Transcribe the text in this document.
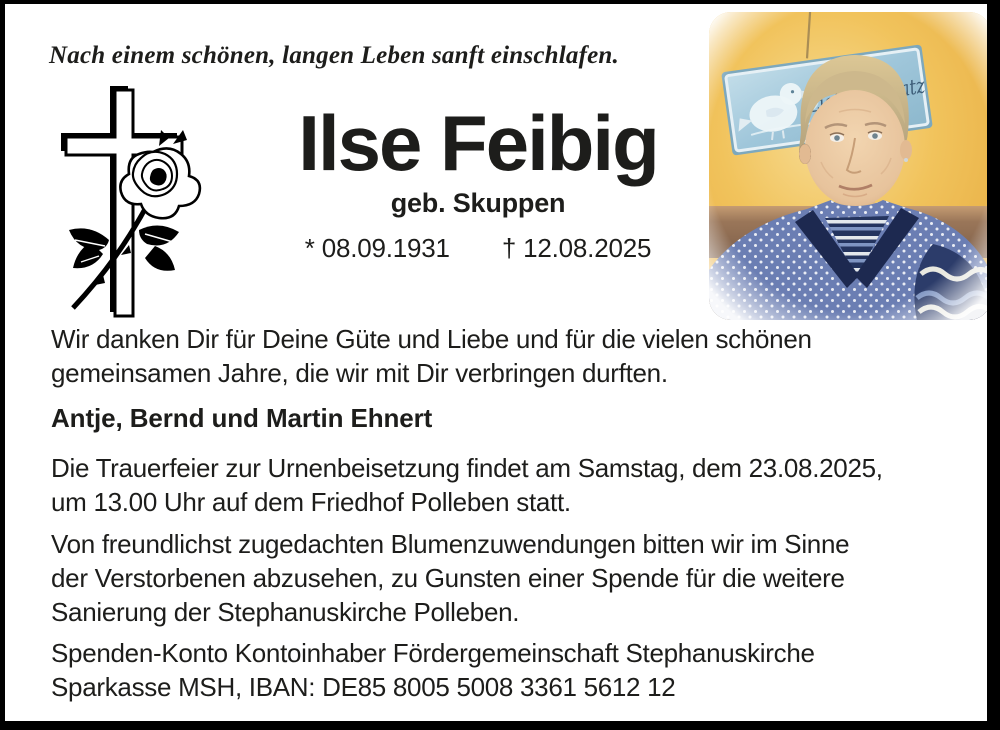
Nach einem schönen, langen Leben sanft einschlafen.
Ilse Feibig
geb. Skuppen
* 08.09.1931 † 12.08.2025
Wir danken Dir für Deine Güte und Liebe und für die vielen schönen
gemeinsamen Jahre, die wir mit Dir verbringen durften.
Antje, Bernd und Martin Ehnert
Die Trauerfeier zur Urnenbeisetzung findet am Samstag, dem 23.08.2025,
um 13.00 Uhr auf dem Friedhof Polleben statt.
Von freundlichst zugedachten Blumenzuwendungen bitten wir im Sinne
der Verstorbenen abzusehen, zu Gunsten einer Spende für die weitere
Sanierung der Stephanuskirche Polleben.
Spenden-Konto Kontoinhaber Fördergemeinschaft Stephanuskirche
Sparkasse MSH, IBAN: DE85 8005 5008 3361 5612 12
